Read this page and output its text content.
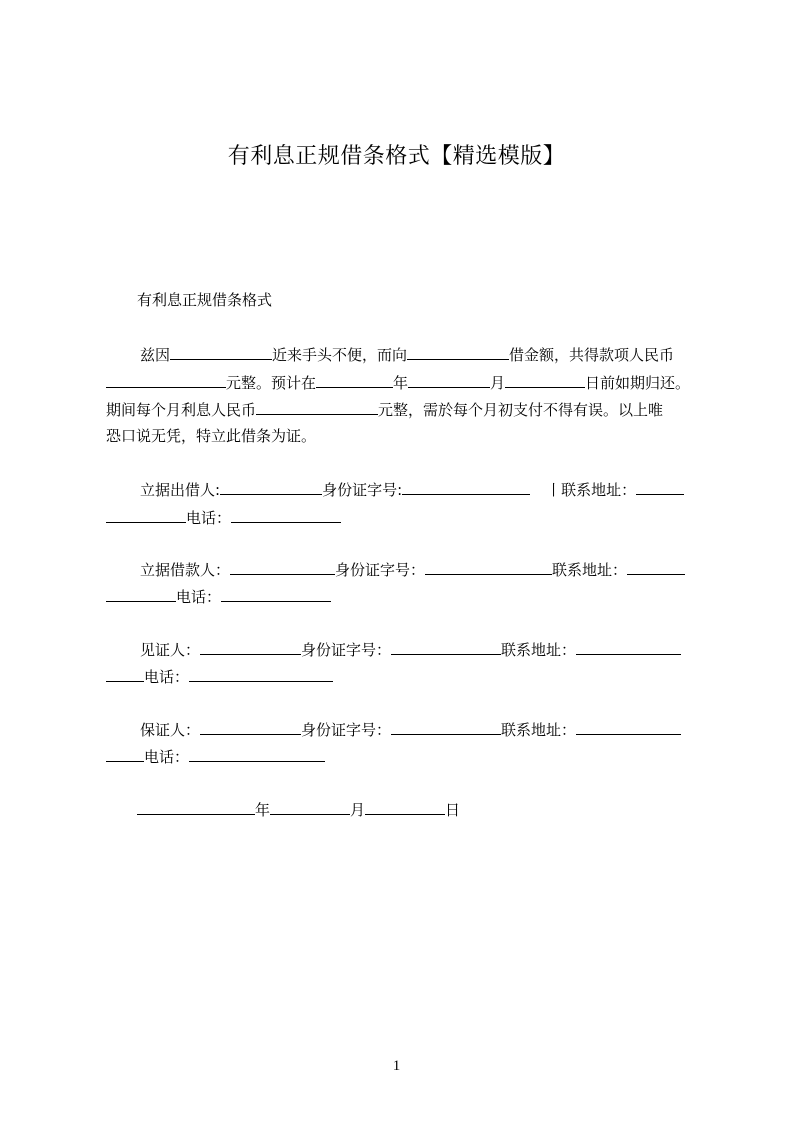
有利息正规借条格式【精选模版】
有利息正规借条格式
兹因	近来手头不便，而向	借金额，共得款项人民币
元整。预计在	年	月	日前如期归还。
期间每个月利息人民币	元整，需於每个月初支付不得有误。以上唯
恐口说无凭，特立此借条为证。
立据出借人:	身份证字号:	丨联系地址：
电话：
立据借款人：	身份证字号：	联系地址：
电话：
见证人：	身份证字号：	联系地址：
电话：
保证人：	身份证字号：	联系地址：
电话：
年	月	日
1
